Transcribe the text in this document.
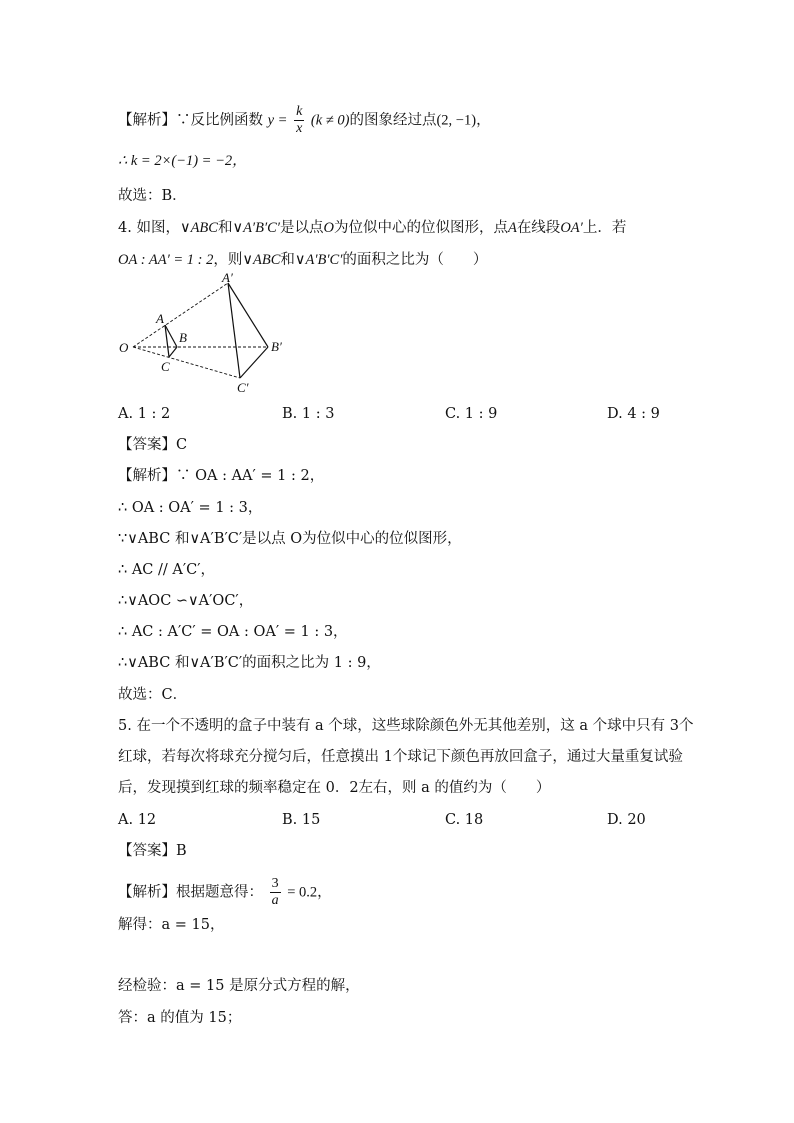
【解析】∵反比例函数 $y = \frac{k}{x} (k \ne 0)$的图象经过点(2, −1)，
∴ k = 2×(−1) = −2，
故选：B．
4. 如图，∨ABC和∨A′B′C′是以点O为位似中心的位似图形，点A在线段OA′上．若
OA : AA′ = 1 : 2，则∨ABC和∨A′B′C′的面积之比为（　　）
A′
A
B
B′
O
C
C′
A. 1 : 2	B. 1 : 3	C. 1 : 9	D. 4 : 9
【答案】C
【解析】∵ OA : AA′ = 1 : 2，
∴ OA : OA′ = 1 : 3，
∵∨ABC 和∨A′B′C′是以点 O为位似中心的位似图形，
∴ AC // A′C′，
∴∨AOC ∽∨A′OC′，
∴ AC : A′C′ = OA : OA′ = 1 : 3，
∴∨ABC 和∨A′B′C′的面积之比为 1 : 9，
故选：C．
5. 在一个不透明的盒子中装有 a 个球，这些球除颜色外无其他差别，这 a 个球中只有 3个
红球，若每次将球充分搅匀后，任意摸出 1个球记下颜色再放回盒子，通过大量重复试验
后，发现摸到红球的频率稳定在 0．2左右，则 a 的值约为（　　）
A. 12	B. 15	C. 18	D. 20
【答案】B
【解析】根据题意得： $\frac{3}{a} = 0.2$，
解得：a = 15，
经检验：a = 15 是原分式方程的解，
答：a 的值为 15；
